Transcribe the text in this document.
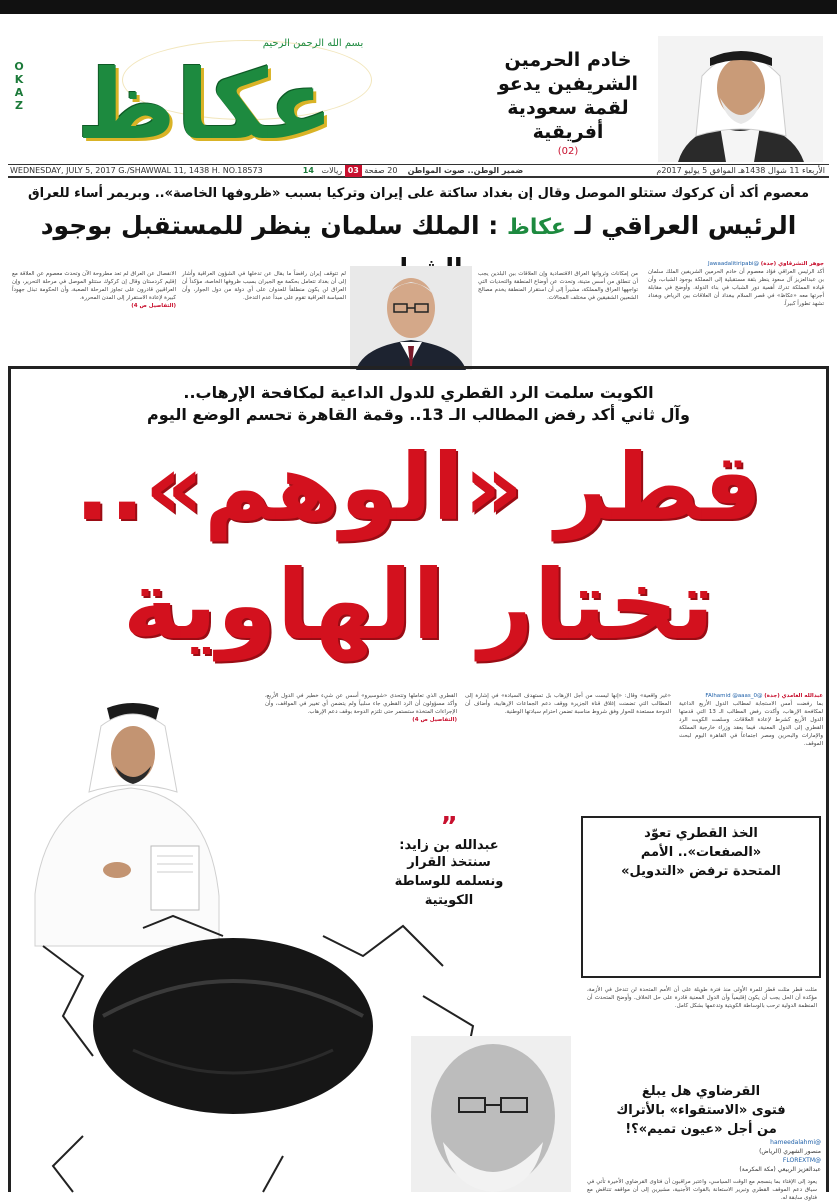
O
K
A
Z
بسم الله الرحمن الرحيم
عكاظ	خادم الحرمين
الشريفين يدعو
لقمة سعودية
أفريقية
(02)
WEDNESDAY, JULY 5, 2017 G./SHAWWAL 11, 1438 H. NO.18573	ضمير الوطن.. صوت المواطن    20 صفحة 03 ريالات   14	الأربعاء 11 شوال 1438هـ الموافق 5 يوليو 2017م
معصوم أكد أن كركوك ستتلو الموصل وقال إن بغداد ساكتة على إيران وتركيا بسبب «ظروفها الخاصة».. وبريمر أساء للعراق
الرئيس العراقي لـ عكاظ : الملك سلمان ينظر للمستقبل بوجود
جوهر التشرقاوي (جدة) @Jawaadalitiripabi
أكد الرئيس العراقي فؤاد معصوم أن خادم الحرمين الشريفين الملك سلمان بن عبدالعزيز آل سعود ينظر بثقة مستقبلية إلى المملكة بوجود الشباب، وأن قيادة المملكة تدرك أهمية دور الشباب في بناء الدولة. وأوضح في مقابلة أجرتها معه «عكاظ» في قصر السلام ببغداد أن العلاقات بين الرياض وبغداد تشهد تطوراً كبيراً.
من إمكانات وثرواتها العراق الاقتصادية وإن العلاقات بين البلدين يجب أن تنطلق من أسس متينة، وتحدث عن أوضاع المنطقة والتحديات التي تواجهها العراق والمملكة، مشيراً إلى أن استقرار المنطقة يخدم مصالح الشعبين الشقيقين في مختلف المجالات.
لم تتوقف إيران رافضاً ما يقال عن تدخلها في الشؤون العراقية وأشار إلى أن بغداد تتعامل بحكمة مع الجيران بسبب ظروفها الخاصة، مؤكداً أن العراق لن يكون منطلقاً للعدوان على أي دولة من دول الجوار، وأن السياسة العراقية تقوم على مبدأ عدم التدخل.
الانفصال عن العراق لم تعد مطروحة الآن وتحدث معصوم عن العلاقة مع إقليم كردستان وقال إن كركوك ستتلو الموصل في مرحلة التحرير، وإن العراقيين قادرون على تجاوز المرحلة الصعبة، وأن الحكومة تبذل جهوداً كبيرة لإعادة الاستقرار إلى المدن المحررة.
(التفاصيل ص 4)
الكويت سلمت الرد القطري للدول الداعية لمكافحة الإرهاب..
وآل ثاني أكد رفض المطالب الـ 13.. وقمة القاهرة تحسم الوضع اليوم
قطر «الوهم»..
تختار الهاوية
عبدالله الغامدي (جدة) @FAlhamid @aaas_0
بما رفضت أمس الاستجابة لمطالب الدول الأربع الداعية لمكافحة الإرهاب، وأكدت رفض المطالب الـ 13 التي قدمتها الدول الأربع كشرط لإعادة العلاقات. وسلمت الكويت الرد القطري إلى الدول المعنية، فيما يعقد وزراء خارجية المملكة والإمارات والبحرين ومصر اجتماعاً في القاهرة اليوم لبحث الموقف.
«غير واقعية» وقال: «إنها ليست من أجل الإرهاب بل تستهدف السيادة» في إشارة إلى المطالب التي تضمنت إغلاق قناة الجزيرة ووقف دعم الجماعات الإرهابية، وأضاف أن الدوحة مستعدة للحوار وفق شروط مناسبة تضمن احترام سيادتها الوطنية.
القطري الذي تعاملها وتتحدى «شوسيرو» أسس عن شيء خطير في الدول الأربع، وأكد مسؤولون أن الرد القطري جاء سلبياً ولم يتضمن أي تغيير في المواقف، وأن الإجراءات المتخذة ستستمر حتى تلتزم الدوحة بوقف دعم الإرهاب.
(التفاصيل ص 4)
”
عبدالله بن زايد:
سنتخذ القرار
ونسلمه للوساطة
الكويتية
الخذ القطري تعوّد
«الصفعات».. الأمم
المتحدة ترفض «التدويل»
مثلت قطر مثلت قطر للمرة الأولى منذ فترة طويلة على أن الأمم المتحدة لن تتدخل في الأزمة، مؤكدة أن الحل يجب أن يكون إقليمياً وأن الدول المعنية قادرة على حل الخلاف. وأوضح المتحدث أن المنظمة الدولية ترحب بالوساطة الكويتية وتدعمها بشكل كامل.
القرضاوي هل يبلغ
فتوى «الاستقواء» بالأتراك
من أجل «عيون تميم»؟!
@hameedalahmi
منصور الشهري (الرياض)
@FLOREXTM
عبدالعزيز الربيعي (مكة المكرمة)
يعود إلى الإفتاء بما ينسجم مع الوقت السياسي، واعتبر مراقبون أن فتاوى القرضاوي الأخيرة تأتي في سياق دعم الموقف القطري وتبرير الاستعانة بالقوات الأجنبية، مشيرين إلى أن مواقفه تتناقض مع فتاوى سابقة له.
